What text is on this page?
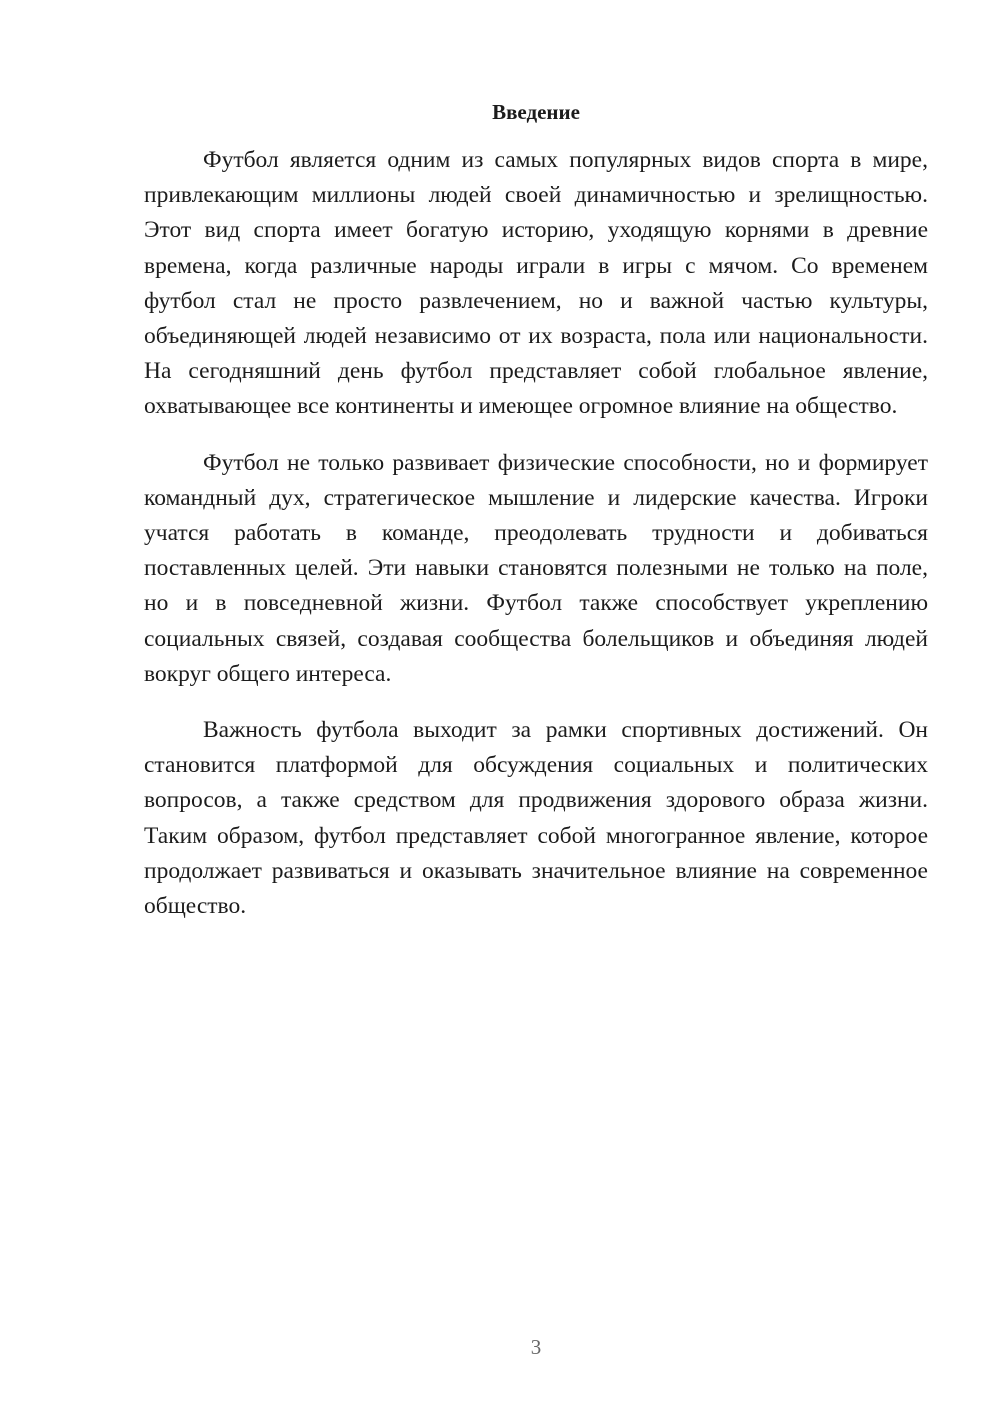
Введение

Футбол является одним из самых популярных видов спорта в мире, привлекающим миллионы людей своей динамичностью и зрелищностью. Этот вид спорта имеет богатую историю, уходящую корнями в древние времена, когда различные народы играли в игры с мячом. Со временем футбол стал не просто развлечением, но и важной частью культуры, объединяющей людей независимо от их возраста, пола или национальности. На сегодняшний день футбол представляет собой глобальное явление, охватывающее все континенты и имеющее огромное влияние на общество.

Футбол не только развивает физические способности, но и формирует командный дух, стратегическое мышление и лидерские качества. Игроки учатся работать в команде, преодолевать трудности и добиваться поставленных целей. Эти навыки становятся полезными не только на поле, но и в повседневной жизни. Футбол также способствует укреплению социальных связей, создавая сообщества болельщиков и объединяя людей вокруг общего интереса.

Важность футбола выходит за рамки спортивных достижений. Он становится платформой для обсуждения социальных и политических вопросов, а также средством для продвижения здорового образа жизни. Таким образом, футбол представляет собой многогранное явление, которое продолжает развиваться и оказывать значительное влияние на современное общество.

3
